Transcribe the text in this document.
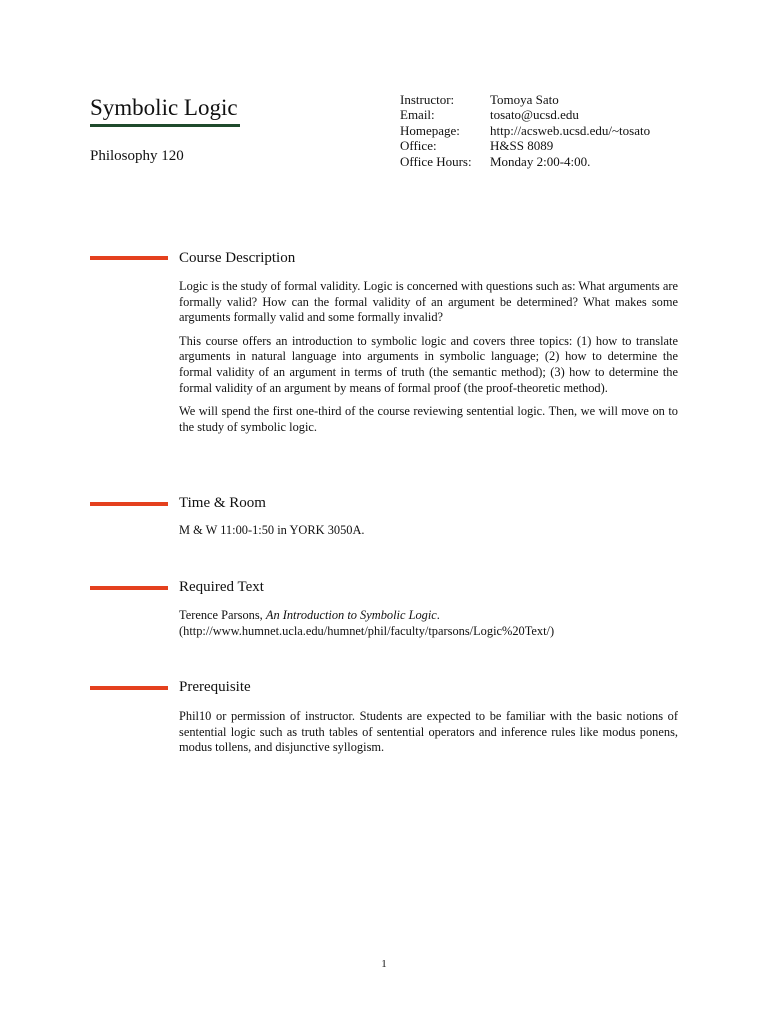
Symbolic Logic
Philosophy 120
Instructor:	Tomoya Sato
Email:	tosato@ucsd.edu
Homepage:	http://acsweb.ucsd.edu/~tosato
Office:	H&SS 8089
Office Hours:	Monday 2:00-4:00.
Course Description

Logic is the study of formal validity. Logic is concerned with questions such as: What arguments are formally valid? How can the formal validity of an argument be determined? What makes some arguments formally valid and some formally invalid?

This course offers an introduction to symbolic logic and covers three topics: (1) how to translate arguments in natural language into arguments in symbolic language; (2) how to determine the formal validity of an argument in terms of truth (the semantic method); (3) how to determine the formal validity of an argument by means of formal proof (the proof-theoretic method).

We will spend the first one-third of the course reviewing sentential logic. Then, we will move on to the study of symbolic logic.

Time & Room

M & W 11:00-1:50 in YORK 3050A.

Required Text
Terence Parsons, An Introduction to Symbolic Logic.
(http://www.humnet.ucla.edu/humnet/phil/faculty/tparsons/Logic%20Text/)
Prerequisite

Phil10 or permission of instructor. Students are expected to be familiar with the basic notions of sentential logic such as truth tables of sentential operators and inference rules like modus ponens, modus tollens, and disjunctive syllogism.

1
